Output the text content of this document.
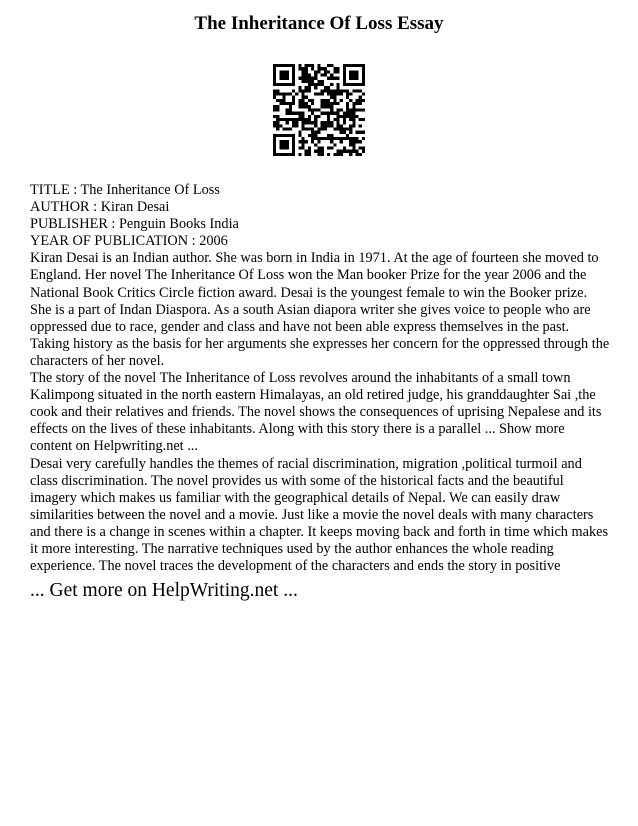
The Inheritance Of Loss Essay
TITLE : The Inheritance Of Loss
AUTHOR : Kiran Desai
PUBLISHER : Penguin Books India
YEAR OF PUBLICATION : 2006
Kiran Desai is an Indian author. She was born in India in 1971. At the age of fourteen she moved to England. Her novel The Inheritance Of Loss won the Man booker Prize for the year 2006 and the National Book Critics Circle fiction award. Desai is the youngest female to win the Booker prize. She is a part of Indan Diaspora. As a south Asian diapora writer she gives voice to people who are oppressed due to race, gender and class and have not been able express themselves in the past. Taking history as the basis for her arguments she expresses her concern for the oppressed through the characters of her novel.
The story of the novel The Inheritance of Loss revolves around the inhabitants of a small town Kalimpong situated in the north eastern Himalayas, an old retired judge, his granddaughter Sai ,the cook and their relatives and friends. The novel shows the consequences of uprising Nepalese and its effects on the lives of these inhabitants. Along with this story there is a parallel ... Show more content on Helpwriting.net ...
Desai very carefully handles the themes of racial discrimination, migration ,political turmoil and class discrimination. The novel provides us with some of the historical facts and the beautiful imagery which makes us familiar with the geographical details of Nepal. We can easily draw similarities between the novel and a movie. Just like a movie the novel deals with many characters and there is a change in scenes within a chapter. It keeps moving back and forth in time which makes it more interesting. The narrative techniques used by the author enhances the whole reading experience. The novel traces the development of the characters and ends the story in positive
... Get more on HelpWriting.net ...
